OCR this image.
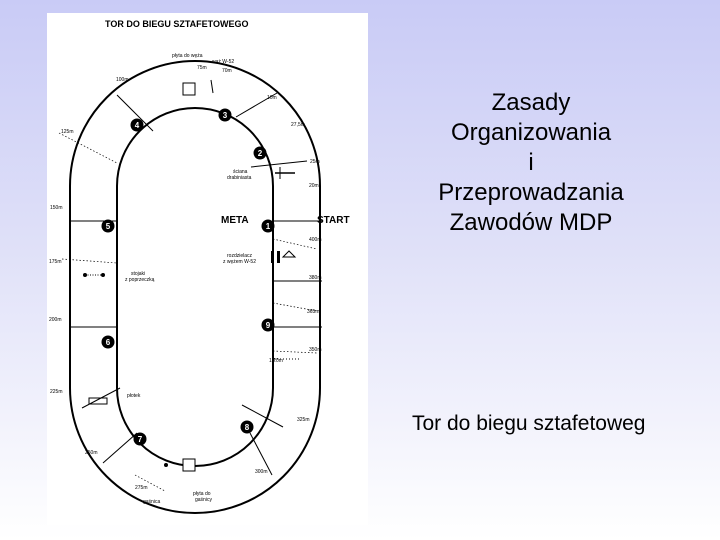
TOR DO BIEGU SZTAFETOWEGO
META	START
1
2
3
4
5
6
7
8
9
płyta do węża
wąż W-52
ściana drabiniasta
rozdzielacz z wężem W-52
stojaki z poprzeczką
płotek
płyta do gaśnicy
gaśnica
10m
20m
25m
27,5m
75m	70m
100m
125m
150m
175m
200m
225m
250m
275m
300m
325m
350m
365m
380m
400m
1,20m
Zasady
Organizowania
i
Przeprowadzania
Zawodów MDP
Tor do biegu sztafetoweg
